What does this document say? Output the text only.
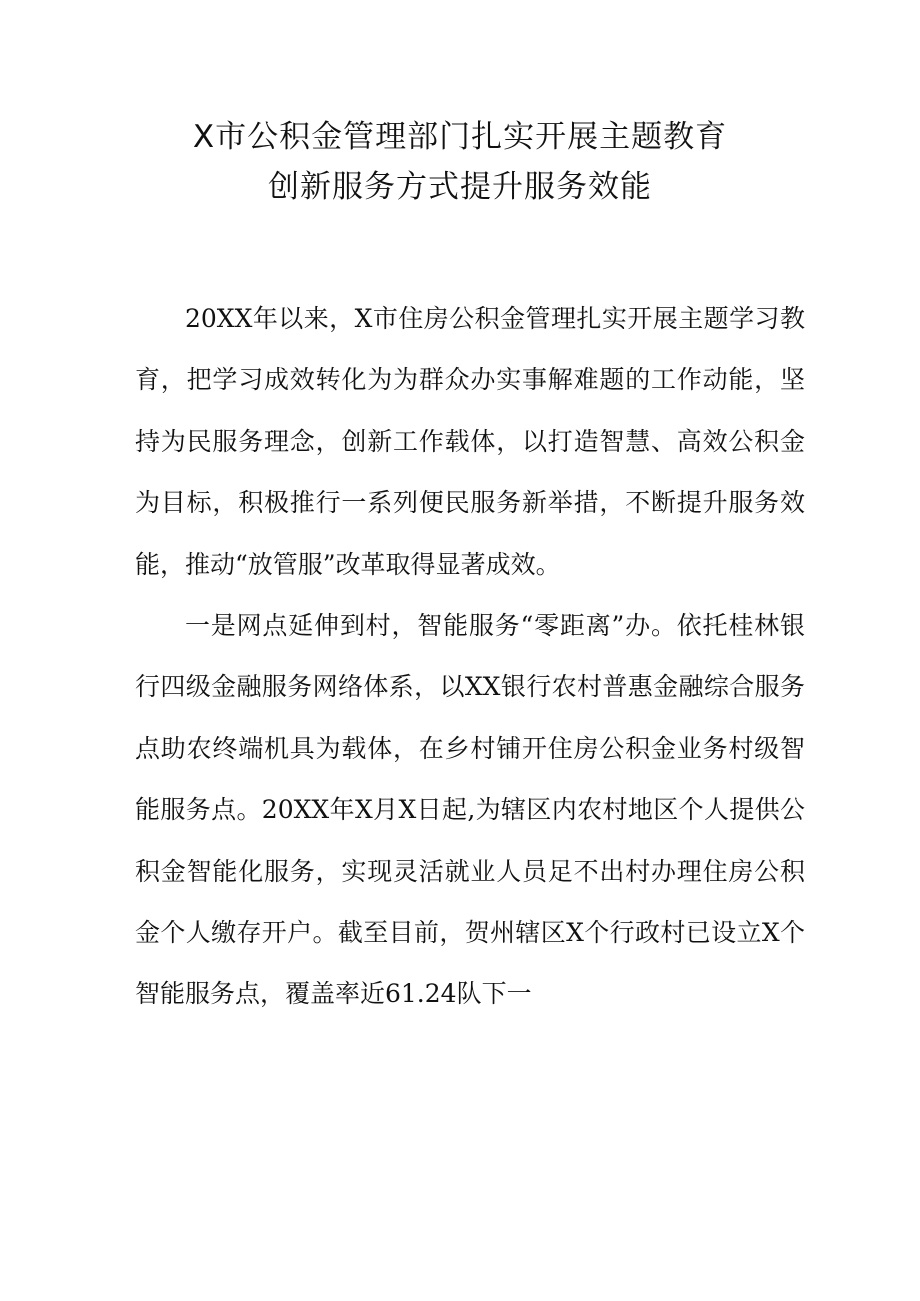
X市公积金管理部门扎实开展主题教育
创新服务方式提升服务效能

20XX年以来，X市住房公积金管理扎实开展主题学习教育，把学习成效转化为为群众办实事解难题的工作动能，坚持为民服务理念，创新工作载体，以打造智慧、高效公积金为目标，积极推行一系列便民服务新举措，不断提升服务效能，推动“放管服”改革取得显著成效。

一是网点延伸到村，智能服务“零距离”办。依托桂林银行四级金融服务网络体系，以XX银行农村普惠金融综合服务点助农终端机具为载体，在乡村铺开住房公积金业务村级智能服务点。20XX年X月X日起,为辖区内农村地区个人提供公积金智能化服务，实现灵活就业人员足不出村办理住房公积金个人缴存开户。截至目前，贺州辖区X个行政村已设立X个智能服务点，覆盖率近61.24队下一
